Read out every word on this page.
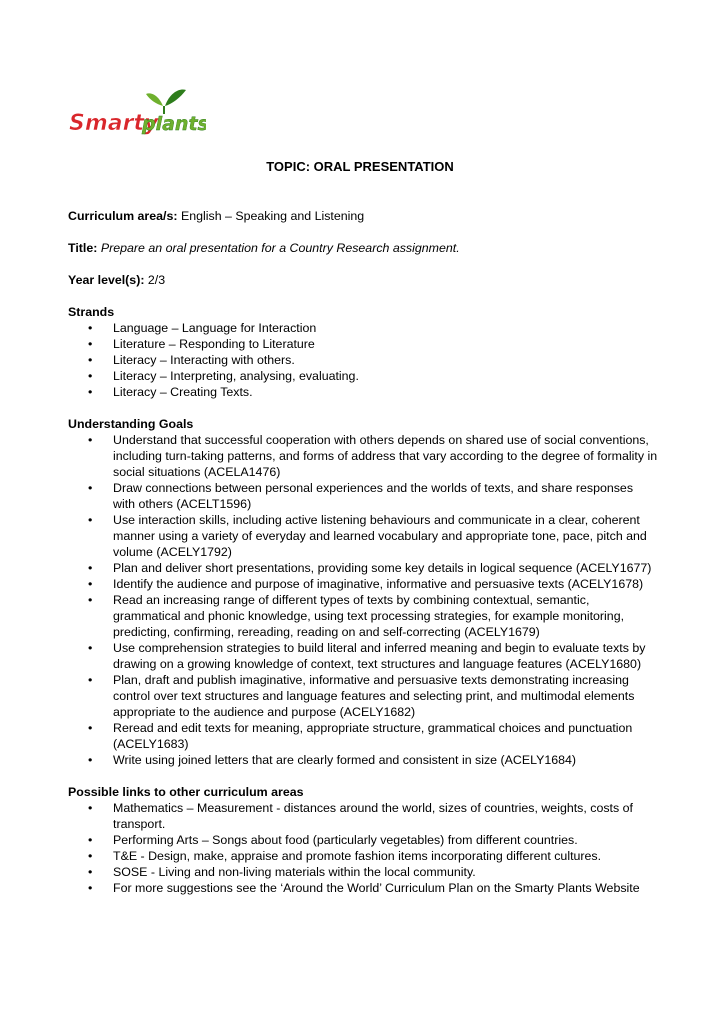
Smarty
plants
TOPIC: ORAL PRESENTATION

Curriculum area/s: English – Speaking and Listening

Title: Prepare an oral presentation for a Country Research assignment.

Year level(s): 2/3

Strands
• Language – Language for Interaction
• Literature – Responding to Literature
• Literacy – Interacting with others.
• Literacy – Interpreting, analysing, evaluating.
• Literacy – Creating Texts.
Understanding Goals
• Understand that successful cooperation with others depends on shared use of social conventions, including turn-taking patterns, and forms of address that vary according to the degree of formality in social situations (ACELA1476)
• Draw connections between personal experiences and the worlds of texts, and share responses with others (ACELT1596)
• Use interaction skills, including active listening behaviours and communicate in a clear, coherent manner using a variety of everyday and learned vocabulary and appropriate tone, pace, pitch and volume (ACELY1792)
• Plan and deliver short presentations, providing some key details in logical sequence (ACELY1677)
• Identify the audience and purpose of imaginative, informative and persuasive texts (ACELY1678)
• Read an increasing range of different types of texts by combining contextual, semantic, grammatical and phonic knowledge, using text processing strategies, for example monitoring, predicting, confirming, rereading, reading on and self-correcting (ACELY1679)
• Use comprehension strategies to build literal and inferred meaning and begin to evaluate texts by drawing on a growing knowledge of context, text structures and language features (ACELY1680)
• Plan, draft and publish imaginative, informative and persuasive texts demonstrating increasing control over text structures and language features and selecting print, and multimodal elements appropriate to the audience and purpose (ACELY1682)
• Reread and edit texts for meaning, appropriate structure, grammatical choices and punctuation (ACELY1683)
• Write using joined letters that are clearly formed and consistent in size (ACELY1684)
Possible links to other curriculum areas
• Mathematics – Measurement - distances around the world, sizes of countries, weights, costs of transport.
• Performing Arts – Songs about food (particularly vegetables) from different countries.
• T&E - Design, make, appraise and promote fashion items incorporating different cultures.
• SOSE - Living and non-living materials within the local community.
• For more suggestions see the ‘Around the World’ Curriculum Plan on the Smarty Plants Website
